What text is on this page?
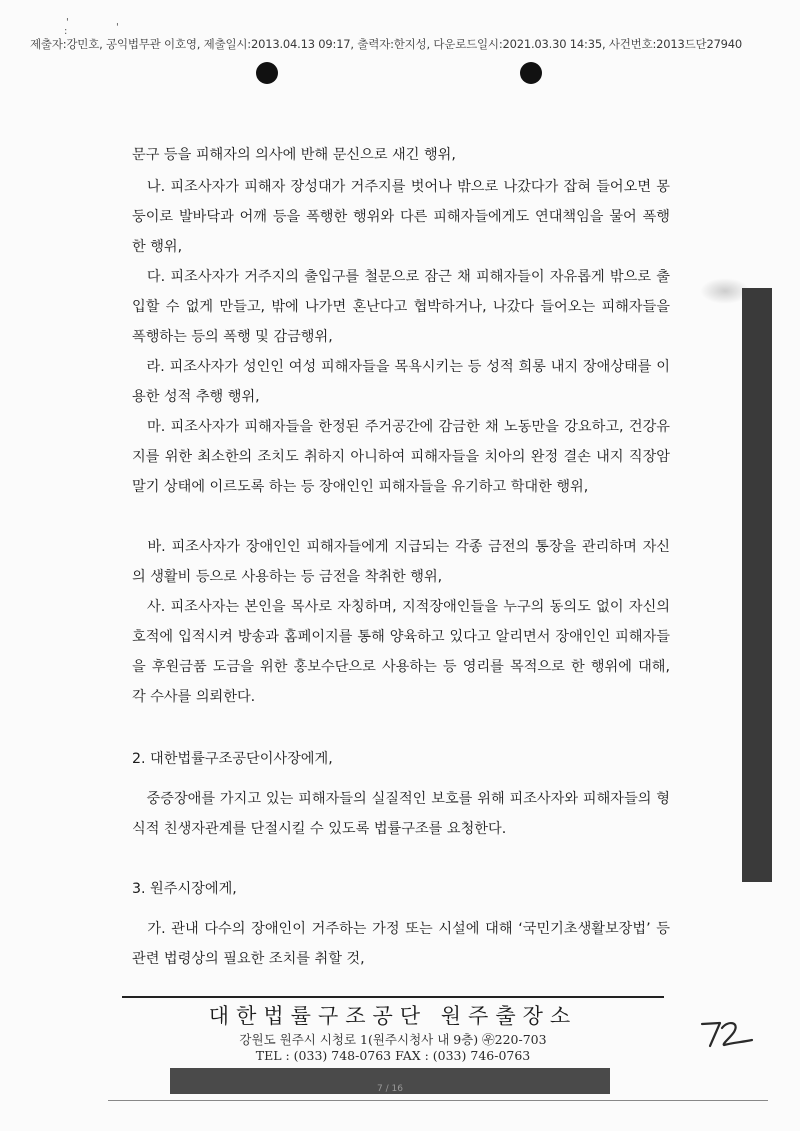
'
:	'
제출자:강민호, 공익법무관 이호영, 제출일시:2013.04.13 09:17, 출력자:한지성, 다운로드일시:2021.03.30 14:35, 사건번호:2013드단27940
문구 등을 피해자의 의사에 반해 문신으로 새긴 행위,
　나. 피조사자가 피해자 장성대가 거주지를 벗어나 밖으로 나갔다가 잡혀 들어오면 몽둥이로 발바닥과 어깨 등을 폭행한 행위와 다른 피해자들에게도 연대책임을 물어 폭행한 행위,
　다. 피조사자가 거주지의 출입구를 철문으로 잠근 채 피해자들이 자유롭게 밖으로 출입할 수 없게 만들고, 밖에 나가면 혼난다고 협박하거나, 나갔다 들어오는 피해자들을 폭행하는 등의 폭행 및 감금행위,
　라. 피조사자가 성인인 여성 피해자들을 목욕시키는 등 성적 희롱 내지 장애상태를 이용한 성적 추행 행위,
　마. 피조사자가 피해자들을 한정된 주거공간에 감금한 채 노동만을 강요하고, 건강유지를 위한 최소한의 조치도 취하지 아니하여 피해자들을 치아의 완정 결손 내지 직장암 말기 상태에 이르도록 하는 등 장애인인 피해자들을 유기하고 학대한 행위,
　바. 피조사자가 장애인인 피해자들에게 지급되는 각종 금전의 통장을 관리하며 자신의 생활비 등으로 사용하는 등 금전을 착취한 행위,
　사. 피조사자는 본인을 목사로 자칭하며, 지적장애인들을 누구의 동의도 없이 자신의 호적에 입적시켜 방송과 홈페이지를 통해 양육하고 있다고 알리면서 장애인인 피해자들을 후원금품 도금을 위한 홍보수단으로 사용하는 등 영리를 목적으로 한 행위에 대해, 각 수사를 의뢰한다.
2. 대한법률구조공단이사장에게,
　중증장애를 가지고 있는 피해자들의 실질적인 보호를 위해 피조사자와 피해자들의 형식적 친생자관계를 단절시킬 수 있도록 법률구조를 요청한다.
3. 원주시장에게,
　가. 관내 다수의 장애인이 거주하는 가정 또는 시설에 대해 ‘국민기초생활보장법’ 등 관련 법령상의 필요한 조치를 취할 것,
대한법률구조공단 원주출장소
강원도 원주시 시청로 1(원주시청사 내 9층) ㉾220-703
TEL : (033) 748-0763 FAX : (033) 746-0763
7 / 16
